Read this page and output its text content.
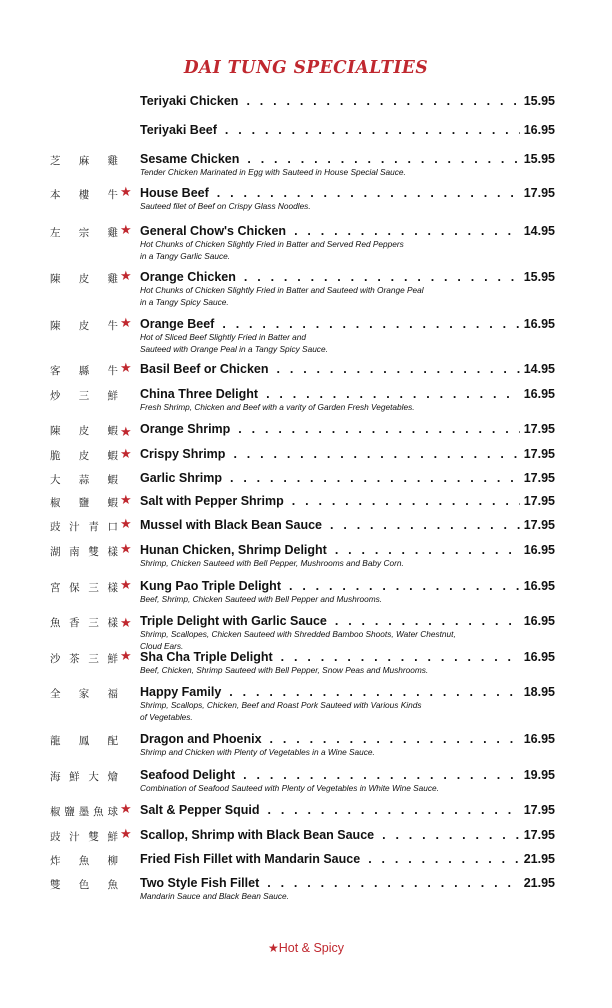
DAI TUNG SPECIALTIES
Teriyaki Chicken . . .	15.95
Teriyaki Beef . . .	16.95
芝 麻 雞 Sesame Chicken . . .	15.95
Tender Chicken Marinated in Egg with Sauteed in House Special Sauce.
本 樓 牛 ★ House Beef . . .	17.95
Sauteed filet of Beef on Crispy Glass Noodles.
左 宗 雞 ★ General Chow's Chicken . . .	14.95
Hot Chunks of Chicken Slightly Fried in Batter and Served Red Peppers
in a Tangy Garlic Sauce.
陳 皮 雞 ★ Orange Chicken . . .	15.95
Hot Chunks of Chicken Slightly Fried in Batter and Sauteed with Orange Peal
in a Tangy Spicy Sauce.
陳 皮 牛 ★ Orange Beef . . .	16.95
Hot of Sliced Beef Slightly Fried in Batter and
Sauteed with Orange Peal in a Tangy Spicy Sauce.
客 縣 牛 ★ Basil Beef or Chicken . . .	14.95
炒 三 鮮 China Three Delight . . .	16.95
Fresh Shrimp, Chicken and Beef with a varity of Garden Fresh Vegetables.
陳 皮 蝦 ★ Orange Shrimp . . .	17.95
脆 皮 蝦 ★ Crispy Shrimp . . .	17.95
大 蒜 蝦 Garlic Shrimp . . .	17.95
椒 鹽 蝦 ★ Salt with Pepper Shrimp . . .	17.95
豉 汁 青 口 ★ Mussel with Black Bean Sauce . . .	17.95
湖 南 雙 樣 ★ Hunan Chicken, Shrimp Delight . . .	16.95
Shrimp, Chicken Sauteed with Bell Pepper, Mushrooms and Baby Corn.
宮 保 三 樣 ★ Kung Pao Triple Delight . . .	16.95
Beef, Shrimp, Chicken Sauteed with Bell Pepper and Mushrooms.
魚 香 三 樣 ★ Triple Delight with Garlic Sauce . . .	16.95
Shrimp, Scallopes, Chicken Sauteed with Shredded Bamboo Shoots, Water Chestnut, Cloud Ears.
沙 茶 三 鮮 ★ Sha Cha Triple Delight . . .	16.95
Beef, Chicken, Shrimp Sauteed with Bell Pepper, Snow Peas and Mushrooms.
全 家 福 Happy Family . . .	18.95
Shrimp, Scallops, Chicken, Beef and Roast Pork Sauteed with Various Kinds
of Vegetables.
龍 鳳 配 Dragon and Phoenix . . .	16.95
Shrimp and Chicken with Plenty of Vegetables in a Wine Sauce.
海 鮮 大 燴 Seafood Delight . . .	19.95
Combination of Seafood Sauteed with Plenty of Vegetables in White Wine Sauce.
椒 鹽 墨 魚 球 ★ Salt & Pepper Squid . . .	17.95
豉 汁 雙 鮮 ★ Scallop, Shrimp with Black Bean Sauce . . .	17.95
炸 魚 柳 Fried Fish Fillet with Mandarin Sauce . . .	21.95
雙 色 魚 Two Style Fish Fillet . . .	21.95
Mandarin Sauce and Black Bean Sauce.
★Hot & Spicy
